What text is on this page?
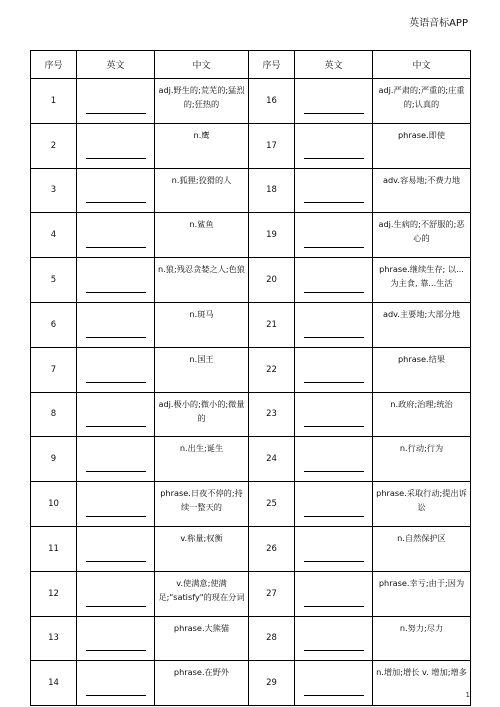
英语音标APP
序号	英文	中文	序号	英文	中文
1		adj.野生的;荒芜的;猛烈的;狂热的	16		adj.严肃的;严重的;庄重的;认真的

2		n.鹰	17		phrase.即使

3		n.狐狸;狡猾的人	18		adv.容易地;不费力地

4		n.鲨鱼	19		adj.生病的;不舒服的;恶心的

5		n.狼;残忍贪婪之人;色狼	20		phrase.继续生存; 以...为主食, 靠...生活

6		n.斑马	21		adv.主要地;大部分地

7		n.国王	22		phrase.结果

8		adj.极小的;微小的;微量的	23		n.政府;治理;统治

9		n.出生;诞生	24		n.行动;行为

10		phrase.日夜不停的;持续一整天的	25		phrase.采取行动;提出诉讼

11		v.称量;权衡	26		n.自然保护区

12		v.使满意;使满足;"satisfy"的现在分词	27		phrase.幸亏;由于;因为

13		phrase.大熊猫	28		n.努力;尽力

14		phrase.在野外	29		n.增加;增长 v. 增加;增多
1
